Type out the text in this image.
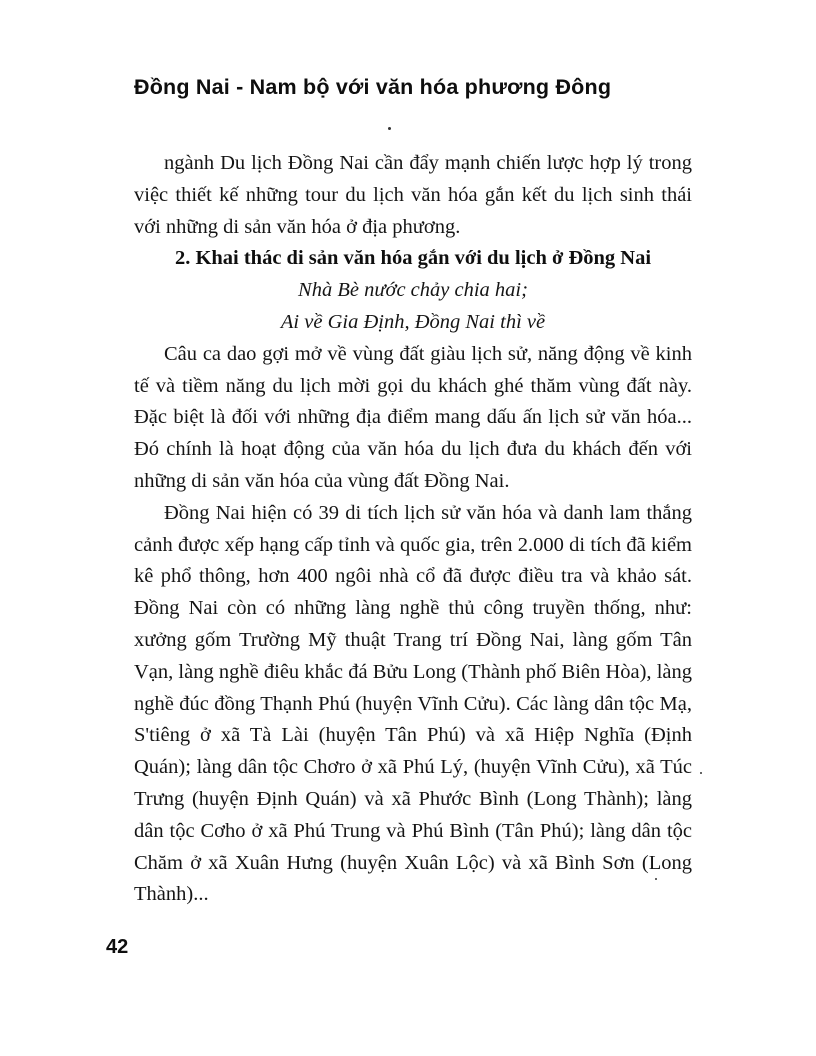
Đồng Nai - Nam bộ với văn hóa phương Đông

ngành Du lịch Đồng Nai cần đẩy mạnh chiến lược hợp lý trong việc thiết kế những tour du lịch văn hóa gắn kết du lịch sinh thái với những di sản văn hóa ở địa phương.

2. Khai thác di sản văn hóa gắn với du lịch ở Đồng Nai

Nhà Bè nước chảy chia hai;

Ai về Gia Định, Đồng Nai thì về

Câu ca dao gợi mở về vùng đất giàu lịch sử, năng động về kinh tế và tiềm năng du lịch mời gọi du khách ghé thăm vùng đất này. Đặc biệt là đối với những địa điểm mang dấu ấn lịch sử văn hóa... Đó chính là hoạt động của văn hóa du lịch đưa du khách đến với những di sản văn hóa của vùng đất Đồng Nai.

Đồng Nai hiện có 39 di tích lịch sử văn hóa và danh lam thắng cảnh được xếp hạng cấp tỉnh và quốc gia, trên 2.000 di tích đã kiểm kê phổ thông, hơn 400 ngôi nhà cổ đã được điều tra và khảo sát. Đồng Nai còn có những làng nghề thủ công truyền thống, như: xưởng gốm Trường Mỹ thuật Trang trí Đồng Nai, làng gốm Tân Vạn, làng nghề điêu khắc đá Bửu Long (Thành phố Biên Hòa), làng nghề đúc đồng Thạnh Phú (huyện Vĩnh Cửu). Các làng dân tộc Mạ, S'tiêng ở xã Tà Lài (huyện Tân Phú) và xã Hiệp Nghĩa (Định Quán); làng dân tộc Chơro ở xã Phú Lý, (huyện Vĩnh Cửu), xã Túc Trưng (huyện Định Quán) và xã Phước Bình (Long Thành); làng dân tộc Cơho ở xã Phú Trung và Phú Bình (Tân Phú); làng dân tộc Chăm ở xã Xuân Hưng (huyện Xuân Lộc) và xã Bình Sơn (Long Thành)...

42
